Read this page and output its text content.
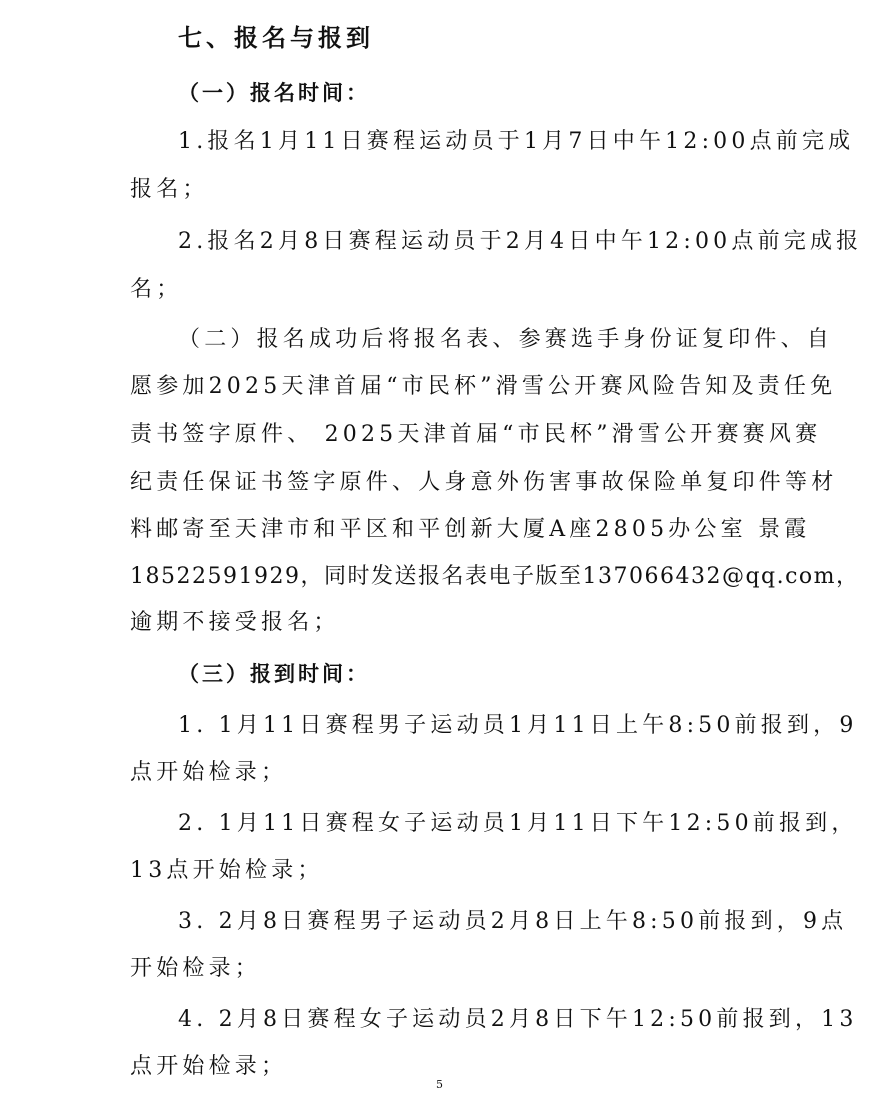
七、报名与报到
（一）报名时间：
1.报名1月11日赛程运动员于1月7日中午12:00点前完成
报名；
2.报名2月8日赛程运动员于2月4日中午12:00点前完成报
名；
（二）报名成功后将报名表、参赛选手身份证复印件、自
愿参加2025天津首届“市民杯”滑雪公开赛风险告知及责任免
责书签字原件、 2025天津首届“市民杯”滑雪公开赛赛风赛
纪责任保证书签字原件、人身意外伤害事故保险单复印件等材
料邮寄至天津市和平区和平创新大厦A座2805办公室 景霞
18522591929，同时发送报名表电子版至137066432@qq.com，
逾期不接受报名；
（三）报到时间：
1. 1月11日赛程男子运动员1月11日上午8:50前报到，9
点开始检录；
2. 1月11日赛程女子运动员1月11日下午12:50前报到，
13点开始检录；
3. 2月8日赛程男子运动员2月8日上午8:50前报到，9点
开始检录；
4. 2月8日赛程女子运动员2月8日下午12:50前报到，13
点开始检录；
5
